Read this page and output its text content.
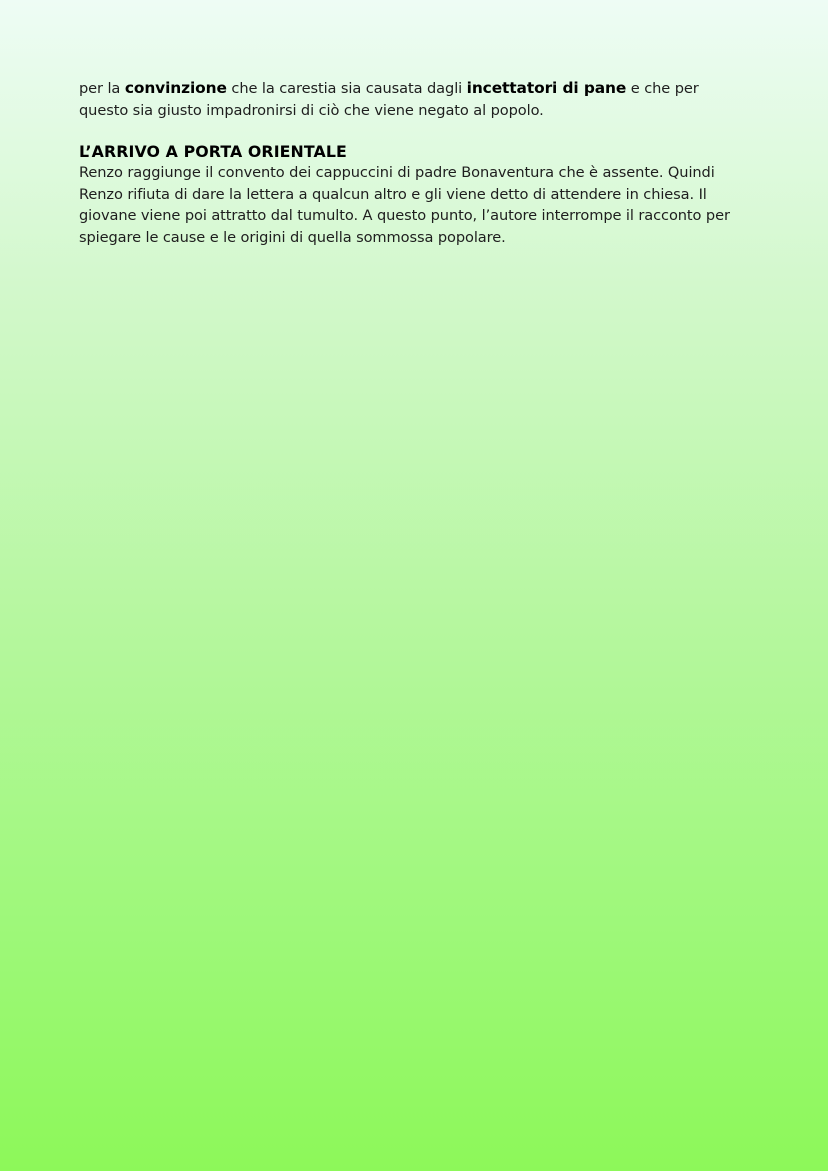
per la convinzione che la carestia sia causata dagli incettatori di pane e che per
questo sia giusto impadronirsi di ciò che viene negato al popolo.

L’ARRIVO A PORTA ORIENTALE

Renzo raggiunge il convento dei cappuccini di padre Bonaventura che è assente. Quindi
Renzo rifiuta di dare la lettera a qualcun altro e gli viene detto di attendere in chiesa. Il
giovane viene poi attratto dal tumulto. A questo punto, l’autore interrompe il racconto per
spiegare le cause e le origini di quella sommossa popolare.
